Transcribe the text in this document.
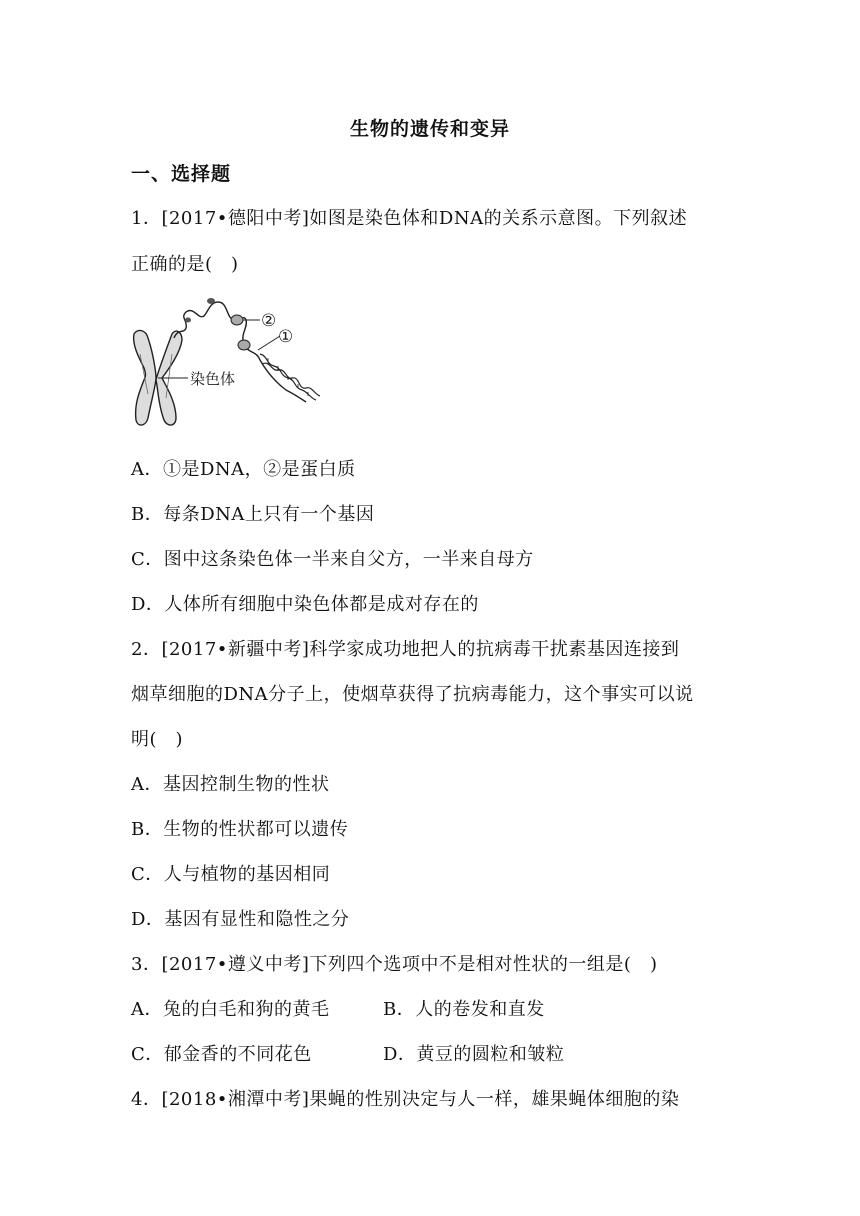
生物的遗传和变异
一、选择题
1．[2017•德阳中考]如图是染色体和DNA的关系示意图。下列叙述
正确的是(　)
染色体
②
①
A．①是DNA，②是蛋白质
B．每条DNA上只有一个基因
C．图中这条染色体一半来自父方，一半来自母方
D．人体所有细胞中染色体都是成对存在的
2．[2017•新疆中考]科学家成功地把人的抗病毒干扰素基因连接到
烟草细胞的DNA分子上，使烟草获得了抗病毒能力，这个事实可以说
明(　)
A．基因控制生物的性状
B．生物的性状都可以遗传
C．人与植物的基因相同
D．基因有显性和隐性之分
3．[2017•遵义中考]下列四个选项中不是相对性状的一组是(　)
A．兔的白毛和狗的黄毛	B．人的卷发和直发
C．郁金香的不同花色	D．黄豆的圆粒和皱粒
4．[2018•湘潭中考]果蝇的性别决定与人一样，雄果蝇体细胞的染
